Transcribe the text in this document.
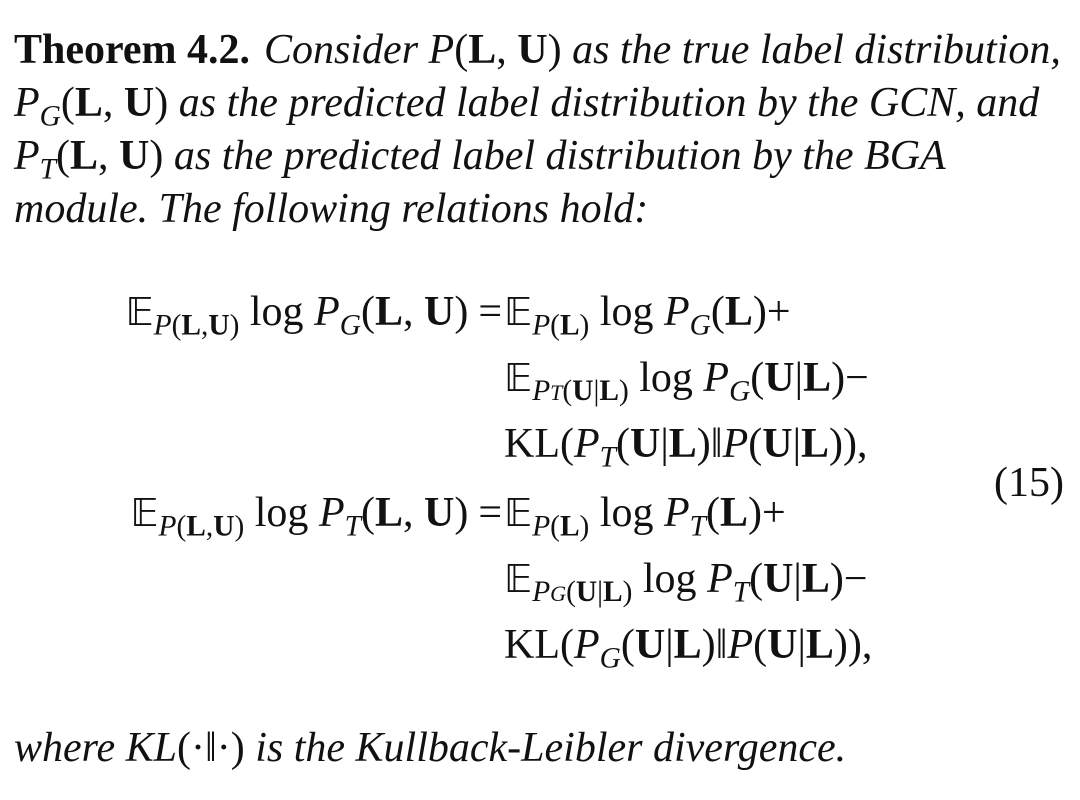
Theorem 4.2. Consider P(L, U) as the true label distribution, $P_G(L$, U) as the predicted label distribution by the GCN, and $P_T(L$, U) as the predicted label distribution by the BGA module. The following relations hold:

𝔼$_{P(L,U)}$ $\log P_G(L$, U) = 𝔼$_{P(L)}$ $\log P_G(L)+$
𝔼$_{PT(U|L)}$ $\log P_G(U|L)-$
$KL(P_T(U|L)‖P(U|L))$,
(15)
𝔼$_{P(L,U)}$ $\log P_T(L$, U) = 𝔼$_{P(L)}$ $\log P_T(L)+$
𝔼$_{PG(U|L)}$ $\log P_T(U|L)-$
$KL(P_G(U|L)‖P(U|L))$,

where KL(·‖·) is the Kullback-Leibler divergence.
